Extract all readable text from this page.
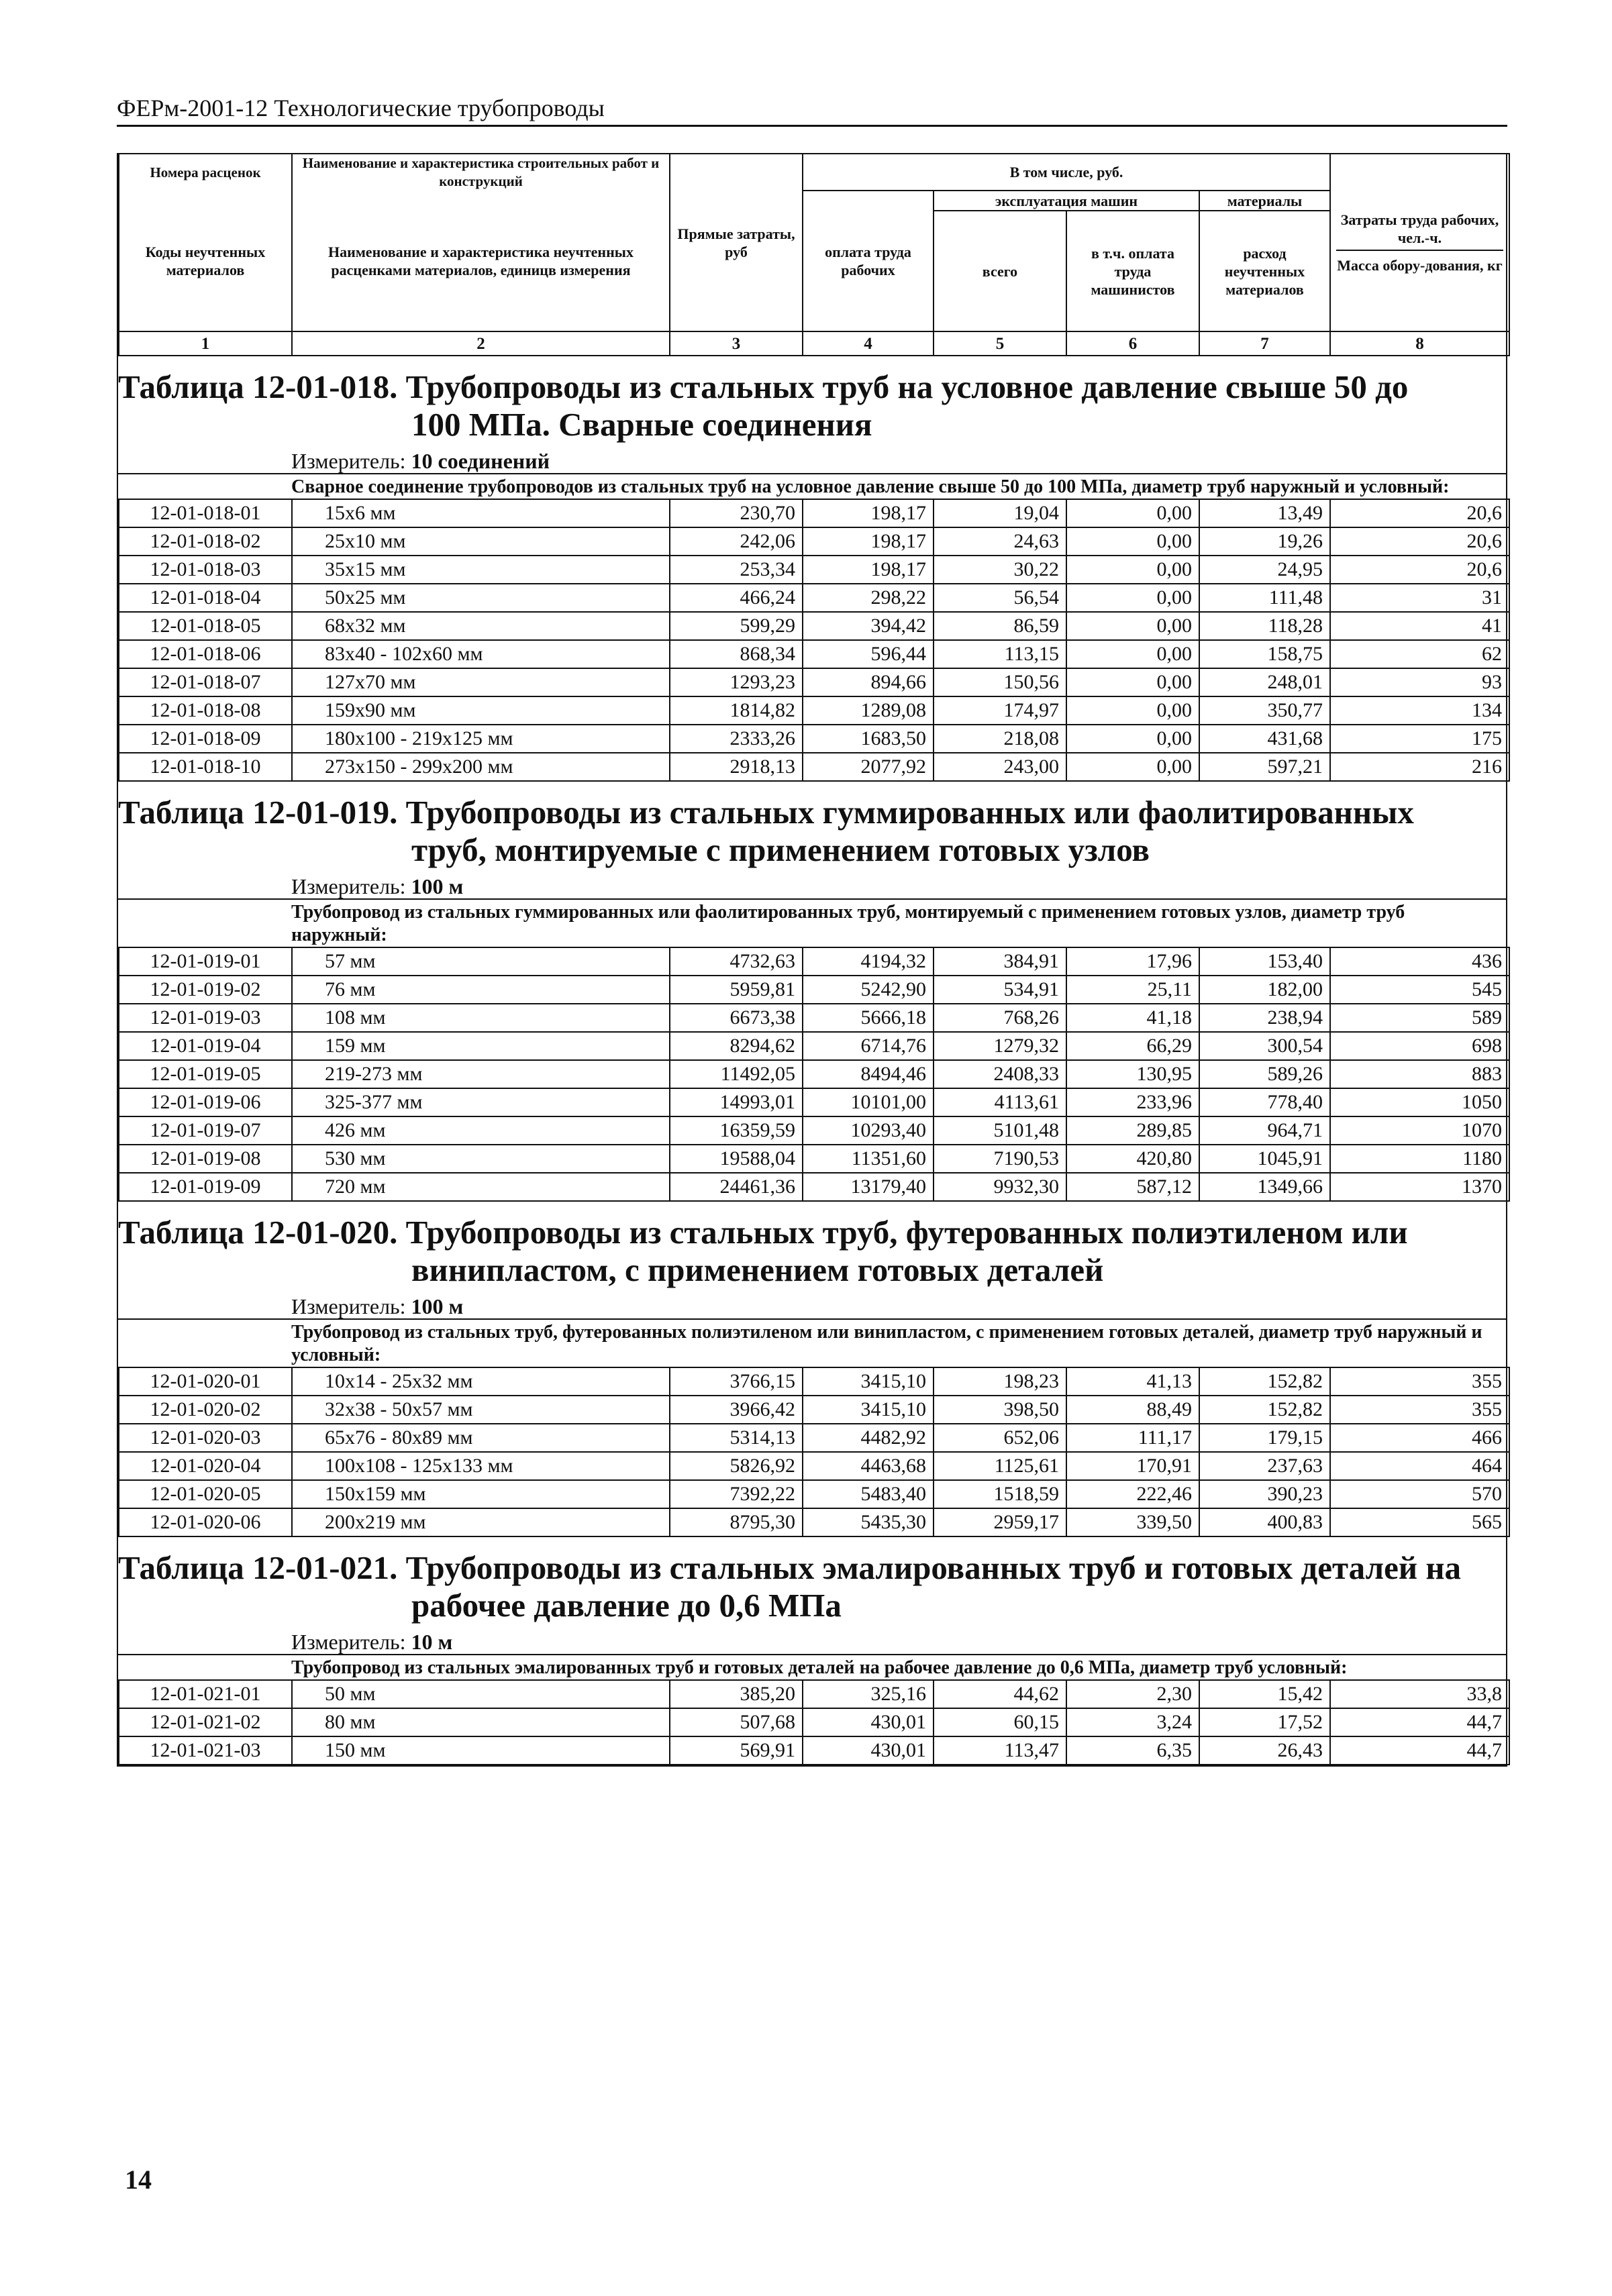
ФЕРм-2001-12 Технологические трубопроводы
Номера расценок	Наименование и характеристика строительных работ и конструкций	Прямые затраты, руб	В том числе, руб.				Затраты труда рабочих, чел.-ч.
Масса обору-дования, кг

Коды неучтенных материалов	Наименование и характеристика неучтенных расценками материалов, единицв измерения		оплата труда рабочих	эксплуатация машин		материалы	
				всего	в т.ч. оплата труда машинистов	расход неучтенных материалов	
1	2	3	4	5	6	7	8
Таблица 12-01-018. Трубопроводы из стальных труб на условное давление свыше 50 до
100 МПа. Сварные соединения
Измеритель: 10 соединений
Сварное соединение трубопроводов из стальных труб на условное давление свыше 50 до 100 МПа, диаметр труб наружный и условный:
12-01-018-01	15х6 мм	230,70	198,17	19,04	0,00	13,49	20,6
12-01-018-02	25х10 мм	242,06	198,17	24,63	0,00	19,26	20,6
12-01-018-03	35х15 мм	253,34	198,17	30,22	0,00	24,95	20,6
12-01-018-04	50х25 мм	466,24	298,22	56,54	0,00	111,48	31
12-01-018-05	68х32 мм	599,29	394,42	86,59	0,00	118,28	41
12-01-018-06	83х40 - 102х60 мм	868,34	596,44	113,15	0,00	158,75	62
12-01-018-07	127х70 мм	1293,23	894,66	150,56	0,00	248,01	93
12-01-018-08	159х90 мм	1814,82	1289,08	174,97	0,00	350,77	134
12-01-018-09	180х100 - 219х125 мм	2333,26	1683,50	218,08	0,00	431,68	175
12-01-018-10	273х150 - 299х200 мм	2918,13	2077,92	243,00	0,00	597,21	216
Таблица 12-01-019. Трубопроводы из стальных гуммированных или фаолитированных
труб, монтируемые с применением готовых узлов
Измеритель: 100 м
Трубопровод из стальных гуммированных или фаолитированных труб, монтируемый с применением готовых узлов, диаметр труб наружный:
12-01-019-01	57 мм	4732,63	4194,32	384,91	17,96	153,40	436
12-01-019-02	76 мм	5959,81	5242,90	534,91	25,11	182,00	545
12-01-019-03	108 мм	6673,38	5666,18	768,26	41,18	238,94	589
12-01-019-04	159 мм	8294,62	6714,76	1279,32	66,29	300,54	698
12-01-019-05	219-273 мм	11492,05	8494,46	2408,33	130,95	589,26	883
12-01-019-06	325-377 мм	14993,01	10101,00	4113,61	233,96	778,40	1050
12-01-019-07	426 мм	16359,59	10293,40	5101,48	289,85	964,71	1070
12-01-019-08	530 мм	19588,04	11351,60	7190,53	420,80	1045,91	1180
12-01-019-09	720 мм	24461,36	13179,40	9932,30	587,12	1349,66	1370
Таблица 12-01-020. Трубопроводы из стальных труб, футерованных полиэтиленом или
винипластом, с применением готовых деталей
Измеритель: 100 м
Трубопровод из стальных труб, футерованных полиэтиленом или винипластом, с применением готовых деталей, диаметр труб наружный и условный:
12-01-020-01	10х14 - 25х32 мм	3766,15	3415,10	198,23	41,13	152,82	355
12-01-020-02	32х38 - 50х57 мм	3966,42	3415,10	398,50	88,49	152,82	355
12-01-020-03	65х76 - 80х89 мм	5314,13	4482,92	652,06	111,17	179,15	466
12-01-020-04	100х108 - 125х133 мм	5826,92	4463,68	1125,61	170,91	237,63	464
12-01-020-05	150х159 мм	7392,22	5483,40	1518,59	222,46	390,23	570
12-01-020-06	200х219 мм	8795,30	5435,30	2959,17	339,50	400,83	565
Таблица 12-01-021. Трубопроводы из стальных эмалированных труб и готовых деталей на
рабочее давление до 0,6 МПа
Измеритель: 10 м
Трубопровод из стальных эмалированных труб и готовых деталей на рабочее давление до 0,6 МПа, диаметр труб условный:
12-01-021-01	50 мм	385,20	325,16	44,62	2,30	15,42	33,8
12-01-021-02	80 мм	507,68	430,01	60,15	3,24	17,52	44,7
12-01-021-03	150 мм	569,91	430,01	113,47	6,35	26,43	44,7
14
